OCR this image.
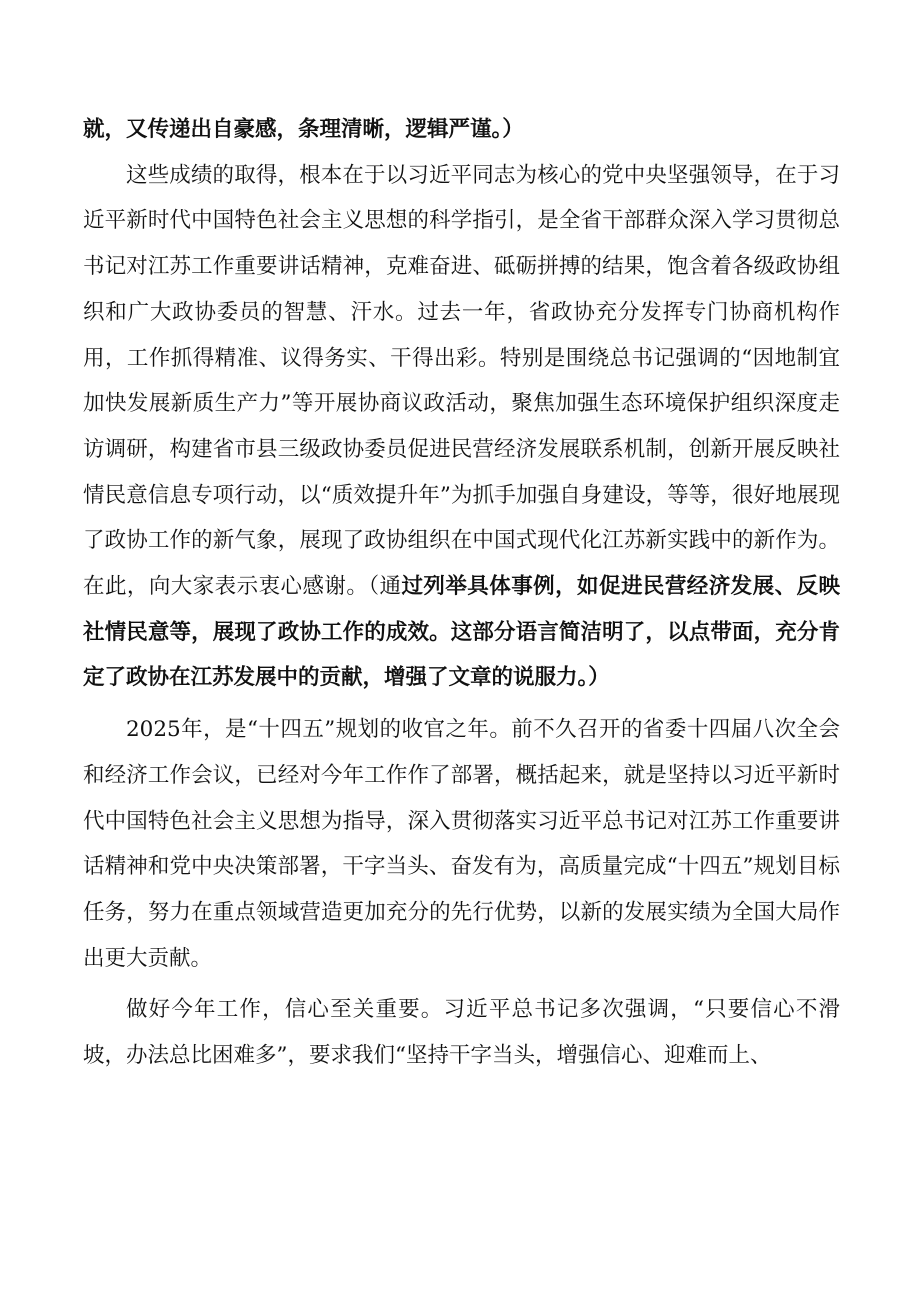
就，又传递出自豪感，条理清晰，逻辑严谨。）

这些成绩的取得，根本在于以习近平同志为核心的党中央坚强领导，在于习近平新时代中国特色社会主义思想的科学指引，是全省干部群众深入学习贯彻总书记对江苏工作重要讲话精神，克难奋进、砥砺拼搏的结果，饱含着各级政协组织和广大政协委员的智慧、汗水。过去一年，省政协充分发挥专门协商机构作用，工作抓得精准、议得务实、干得出彩。特别是围绕总书记强调的“因地制宜加快发展新质生产力”等开展协商议政活动，聚焦加强生态环境保护组织深度走访调研，构建省市县三级政协委员促进民营经济发展联系机制，创新开展反映社情民意信息专项行动，以“质效提升年”为抓手加强自身建设，等等，很好地展现了政协工作的新气象，展现了政协组织在中国式现代化江苏新实践中的新作为。在此，向大家表示衷心感谢。（通过列举具体事例，如促进民营经济发展、反映社情民意等，展现了政协工作的成效。这部分语言简洁明了，以点带面，充分肯定了政协在江苏发展中的贡献，增强了文章的说服力。）

2025年，是“十四五”规划的收官之年。前不久召开的省委十四届八次全会和经济工作会议，已经对今年工作作了部署，概括起来，就是坚持以习近平新时代中国特色社会主义思想为指导，深入贯彻落实习近平总书记对江苏工作重要讲话精神和党中央决策部署，干字当头、奋发有为，高质量完成“十四五”规划目标任务，努力在重点领域营造更加充分的先行优势，以新的发展实绩为全国大局作出更大贡献。

做好今年工作，信心至关重要。习近平总书记多次强调，“只要信心不滑坡，办法总比困难多”，要求我们“坚持干字当头，增强信心、迎难而上、
